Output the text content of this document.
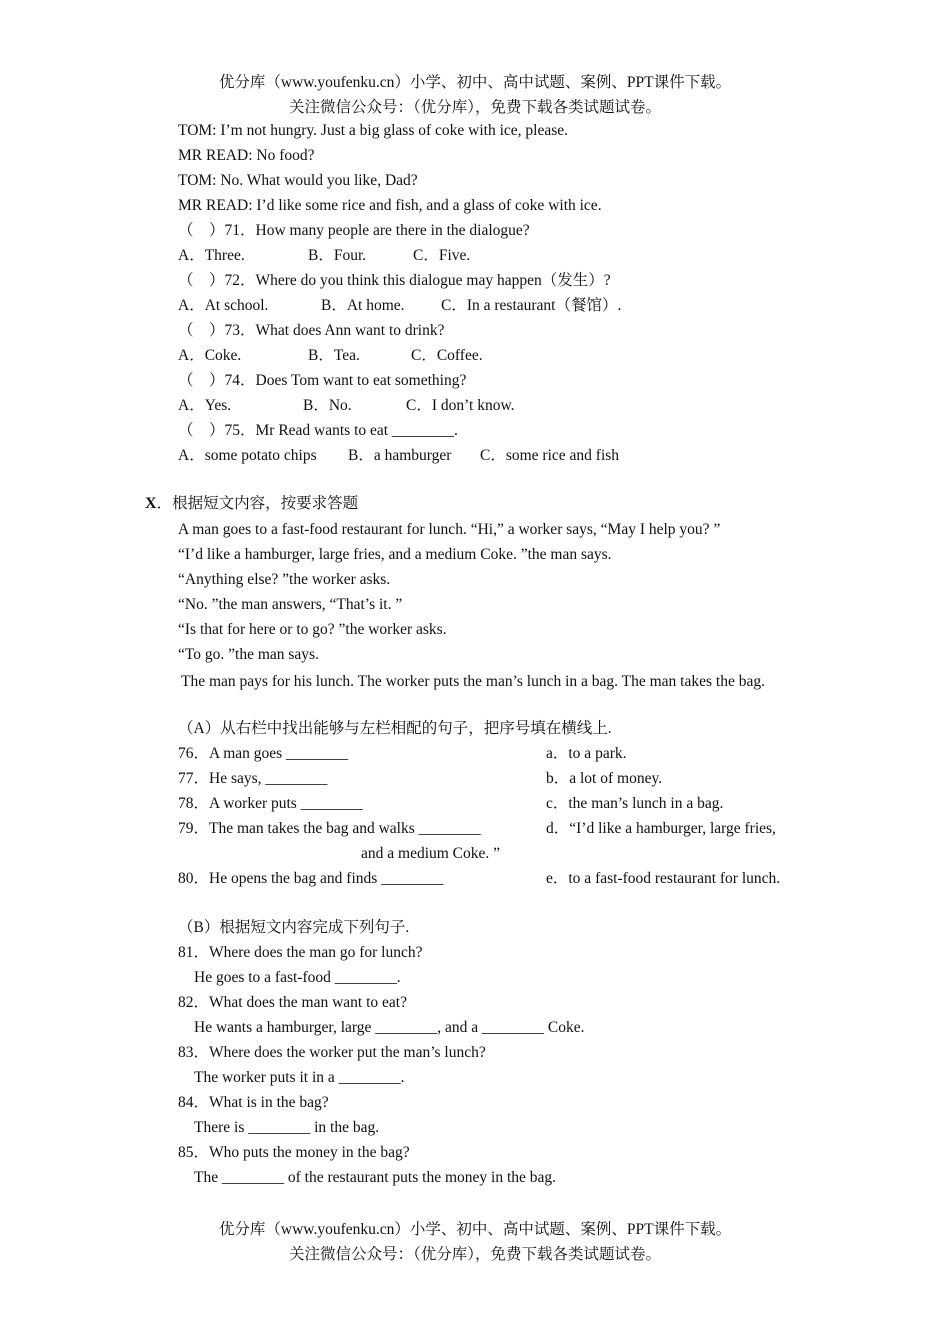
优分库（www.youfenku.cn）小学、初中、高中试题、案例、PPT课件下载。
关注微信公众号：（优分库），免费下载各类试题试卷。
TOM: I’m not hungry. Just a big glass of coke with ice, please.
MR READ: No food?
TOM: No. What would you like, Dad?
MR READ: I’d like some rice and fish, and a glass of coke with ice.
（　）71．How many people are there in the dialogue?
A．Three.	B．Four.	C．Five.
（　）72．Where do you think this dialogue may happen（发生）?
A．At school.	B．At home. C．In a restaurant（餐馆）.
（　）73．What does Ann want to drink?
A．Coke.	B．Tea.	C．Coffee.
（　）74．Does Tom want to eat something?
A．Yes.	B．No.	C．I don’t know.
（　）75．Mr Read wants to eat ________.
A．some potato chips B．a hamburger C．some rice and fish
X．根据短文内容，按要求答题
A man goes to a fast-food restaurant for lunch. “Hi,” a worker says, “May I help you? ”
“I’d like a hamburger, large fries, and a medium Coke. ”the man says.
“Anything else? ”the worker asks.
“No. ”the man answers, “That’s it. ”
“Is that for here or to go? ”the worker asks.
“To go. ”the man says.
The man pays for his lunch. The worker puts the man’s lunch in a bag. The man takes the bag.
（A）从右栏中找出能够与左栏相配的句子，把序号填在横线上.
76．A man goes ________	a．to a park.
77．He says, ________	b．a lot of money.
78．A worker puts ________	c．the man’s lunch in a bag.
79．The man takes the bag and walks ________	d．“I’d like a hamburger, large fries,
and a medium Coke. ”
80．He opens the bag and finds ________	e．to a fast-food restaurant for lunch.
（B）根据短文内容完成下列句子.
81．Where does the man go for lunch?
He goes to a fast-food ________.
82．What does the man want to eat?
He wants a hamburger, large ________, and a ________ Coke.
83．Where does the worker put the man’s lunch?
The worker puts it in a ________.
84．What is in the bag?
There is ________ in the bag.
85．Who puts the money in the bag?
The ________ of the restaurant puts the money in the bag.
优分库（www.youfenku.cn）小学、初中、高中试题、案例、PPT课件下载。
关注微信公众号：（优分库），免费下载各类试题试卷。
